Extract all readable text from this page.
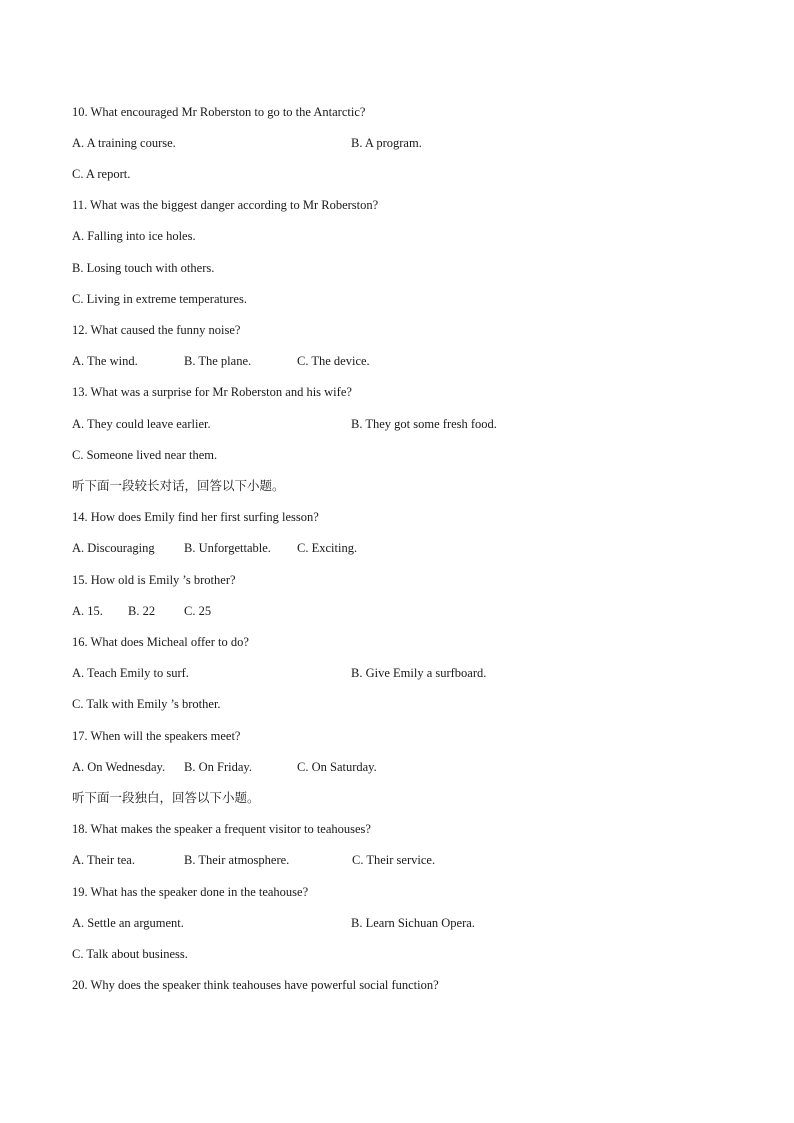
10. What encouraged Mr Roberston to go to the Antarctic?
A. A training course.	B. A program.
C. A report.
11. What was the biggest danger according to Mr Roberston?
A. Falling into ice holes.
B. Losing touch with others.
C. Living in extreme temperatures.
12. What caused the funny noise?
A. The wind.	B. The plane.	C. The device.
13. What was a surprise for Mr Roberston and his wife?
A. They could leave earlier.	B. They got some fresh food.
C. Someone lived near them.
听下面一段较长对话，回答以下小题。
14. How does Emily find her first surfing lesson?
A. Discouraging B. Unforgettable. C. Exciting.
15. How old is Emily ’s brother?
A. 15. B. 22 C. 25
16. What does Micheal offer to do?
A. Teach Emily to surf.	B. Give Emily a surfboard.
C. Talk with Emily ’s brother.
17. When will the speakers meet?
A. On Wednesday. B. On Friday.	C. On Saturday.
听下面一段独白，回答以下小题。
18. What makes the speaker a frequent visitor to teahouses?
A. Their tea.	B. Their atmosphere.	C. Their service.
19. What has the speaker done in the teahouse?
A. Settle an argument.	B. Learn Sichuan Opera.
C. Talk about business.
20. Why does the speaker think teahouses have powerful social function?
